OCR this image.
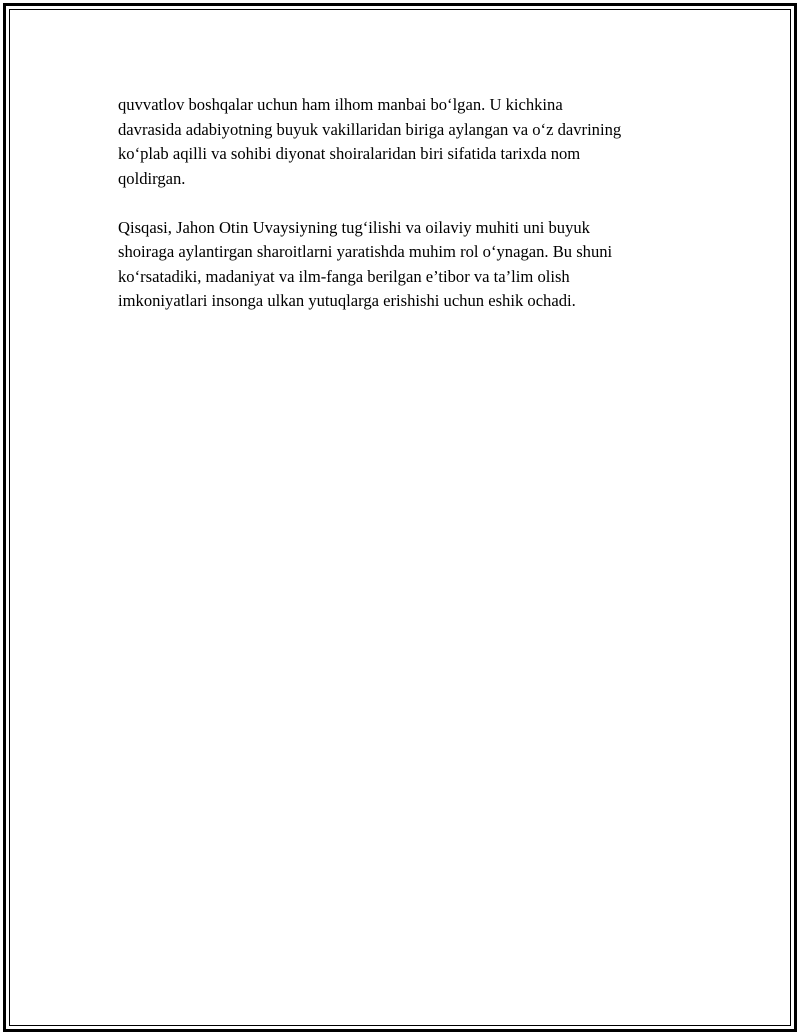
quvvatlov boshqalar uchun ham ilhom manbai bo‘lgan. U kichkina
davrasida adabiyotning buyuk vakillaridan biriga aylangan va o‘z davrining
ko‘plab aqilli va sohibi diyonat shoiralaridan biri sifatida tarixda nom
qoldirgan.

Qisqasi, Jahon Otin Uvaysiyning tug‘ilishi va oilaviy muhiti uni buyuk
shoiraga aylantirgan sharoitlarni yaratishda muhim rol o‘ynagan. Bu shuni
ko‘rsatadiki, madaniyat va ilm-fanga berilgan e’tibor va ta’lim olish
imkoniyatlari insonga ulkan yutuqlarga erishishi uchun eshik ochadi.
